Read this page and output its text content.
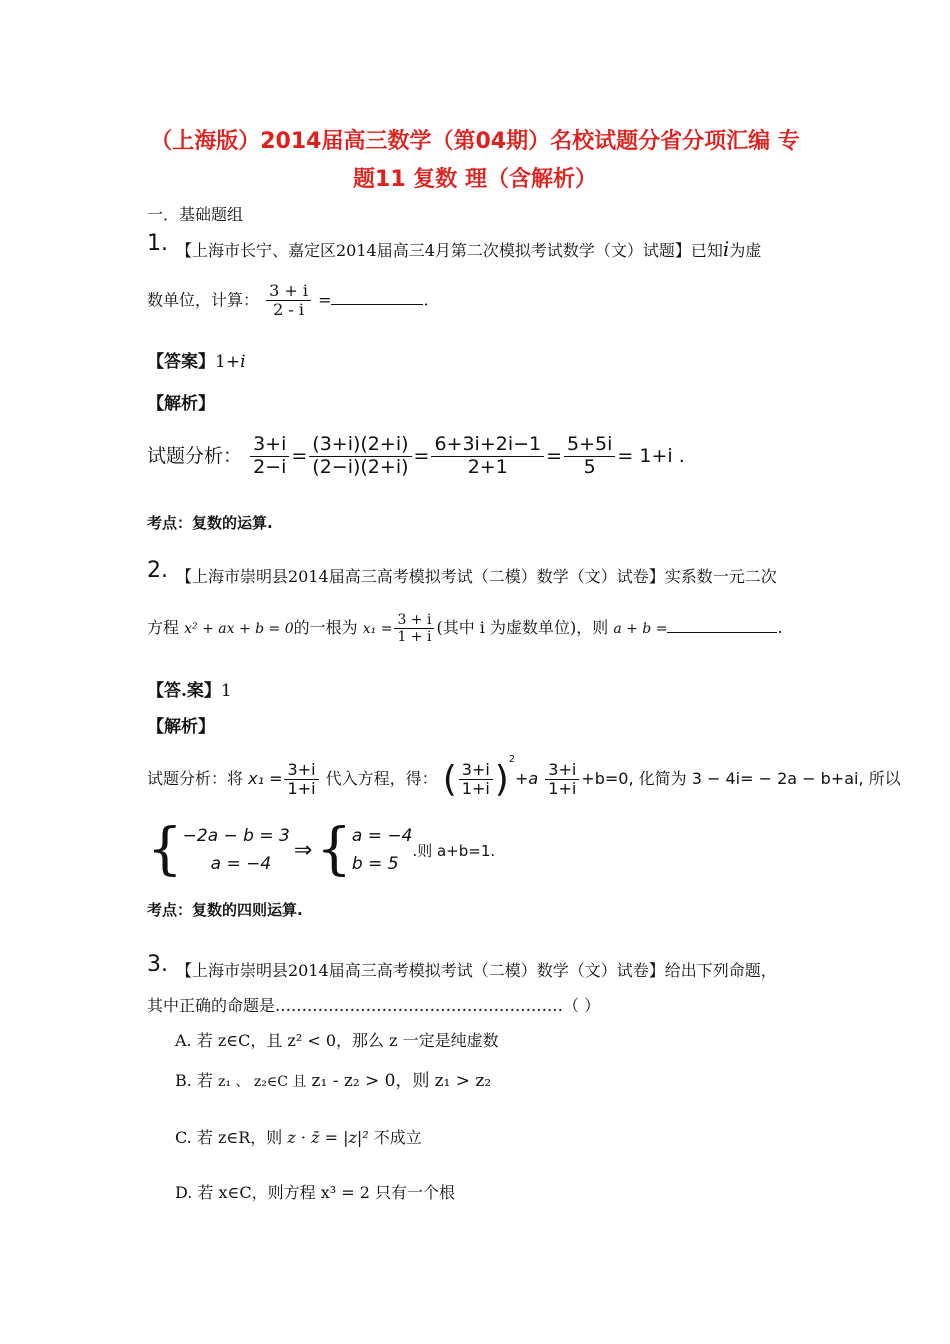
（上海版）2014届高三数学（第04期）名校试题分省分项汇编 专
题11 复数 理（含解析）
一．基础题组
1. 【上海市长宁、嘉定区2014届高三4月第二次模拟考试数学（文）试题】已知i为虚
数单位，计算： $\frac{3 + i}{2 - i}$ =	.
【答案】1+i
【解析】
试题分析： $\frac{3+i}{2-i} = \frac{(3+i)(2+i)}{(2-i)(2+i)} = \frac{6+3i+2i-1}{2+1} = \frac{5+5i}{5} = 1+i$ .
考点：复数的运算.
2. 【上海市崇明县2014届高三高考模拟考试（二模）数学（文）试卷】实系数一元二次
方程 x² + ax + b = 0的一根为 $x_1 = \frac{3 + i}{1 + i}$ (其中 i 为虚数单位)，则 a + b =	.
【答.案】1
【解析】
试题分析：将 $x_1 = \frac{3+i}{1+i}$ 代入方程，得： ( $\frac{3+i}{1+i} )^2+a \frac{3+i}{1+i} +b=0$, 化简为 3 − 4i= − 2a − b+ai, 所以
{ −2a − b = 3
a = −4
⇒ { a = −4
b = 5
.则 a+b=1.
考点：复数的四则运算.
3. 【上海市崇明县2014届高三高考模拟考试（二模）数学（文）试卷】给出下列命题，
其中正确的命题是………………………………………………（ ）
A. 若 z∈C，且 z² < 0，那么 z 一定是纯虚数
B. 若 z₁ 、 z₂∈C 且 z₁ - z₂ > 0，则 z₁ > z₂
C. 若 z∈R，则 z · z̄ = |z|² 不成立
D. 若 x∈C，则方程 x³ = 2 只有一个根
